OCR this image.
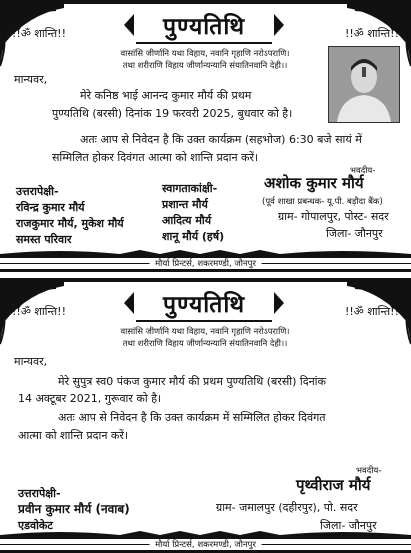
पुण्यतिथि
!!ॐ शान्ति!!	!!ॐ शान्ति!!
वासांसि जीर्णानि यथा विहाय, नवानि गृहाणि नरोऽपराणि।
तथा शरीराणि विहाय जीर्णान्यन्यानि संयातिनवानि देही।।
मान्यवर,
मेरे कनिष्ठ भाई आनन्द कुमार मौर्य की प्रथम
पुण्यतिथि (बरसी) दिनांक 19 फरवरी 2025, बुधवार को है।
अतः आप से निवेदन है कि उक्त कार्यक्रम (सहभोज) 6:30 बजे सायं में
सम्मिलित होकर दिवंगत आत्मा को शान्ति प्रदान करें।
भवदीय-
अशोक कुमार मौर्य
(पूर्व शाखा प्रबन्धक- यू.पी. बड़ौदा बैंक)
ग्राम- गोपालपुर, पोस्ट- सदर
जिला- जौनपुर
उत्तरापेक्षी-
रविन्द्र कुमार मौर्य
राजकुमार मौर्य, मुकेश मौर्य
समस्त परिवार
स्वागताकांक्षी-
प्रशान्त मौर्य
आदित्य मौर्य
शानू मौर्य (हर्ष)
मौर्या प्रिन्टर्स, शकरमण्डी, जौनपुर
पुण्यतिथि
!!ॐ शान्ति!!	!!ॐ शान्ति!!
वासांसि जीर्णानि यथा विहाय, नवानि गृहाणि नरोऽपराणि।
तथा शरीराणि विहाय जीर्णान्यन्यानि संयातिनवानि देही।।
मान्यवर,
मेरे सुपुत्र स्व0 पंकज कुमार मौर्य की प्रथम पुण्यतिथि (बरसी) दिनांक
14 अक्टूबर 2021, गुरूवार को है।
अतः आप से निवेदन है कि उक्त कार्यक्रम में सम्मिलित होकर दिवंगत
आत्मा को शान्ति प्रदान करें।
भवदीय-
पृथ्वीराज मौर्य
ग्राम- जमालपुर (दहीरपुर), पो. सदर
जिला- जौनपुर
उत्तरापेक्षी-
प्रवीन कुमार मौर्य (नवाब)
एडवोकेट
मौर्या प्रिन्टर्स, शकरमण्डी, जौनपुर
